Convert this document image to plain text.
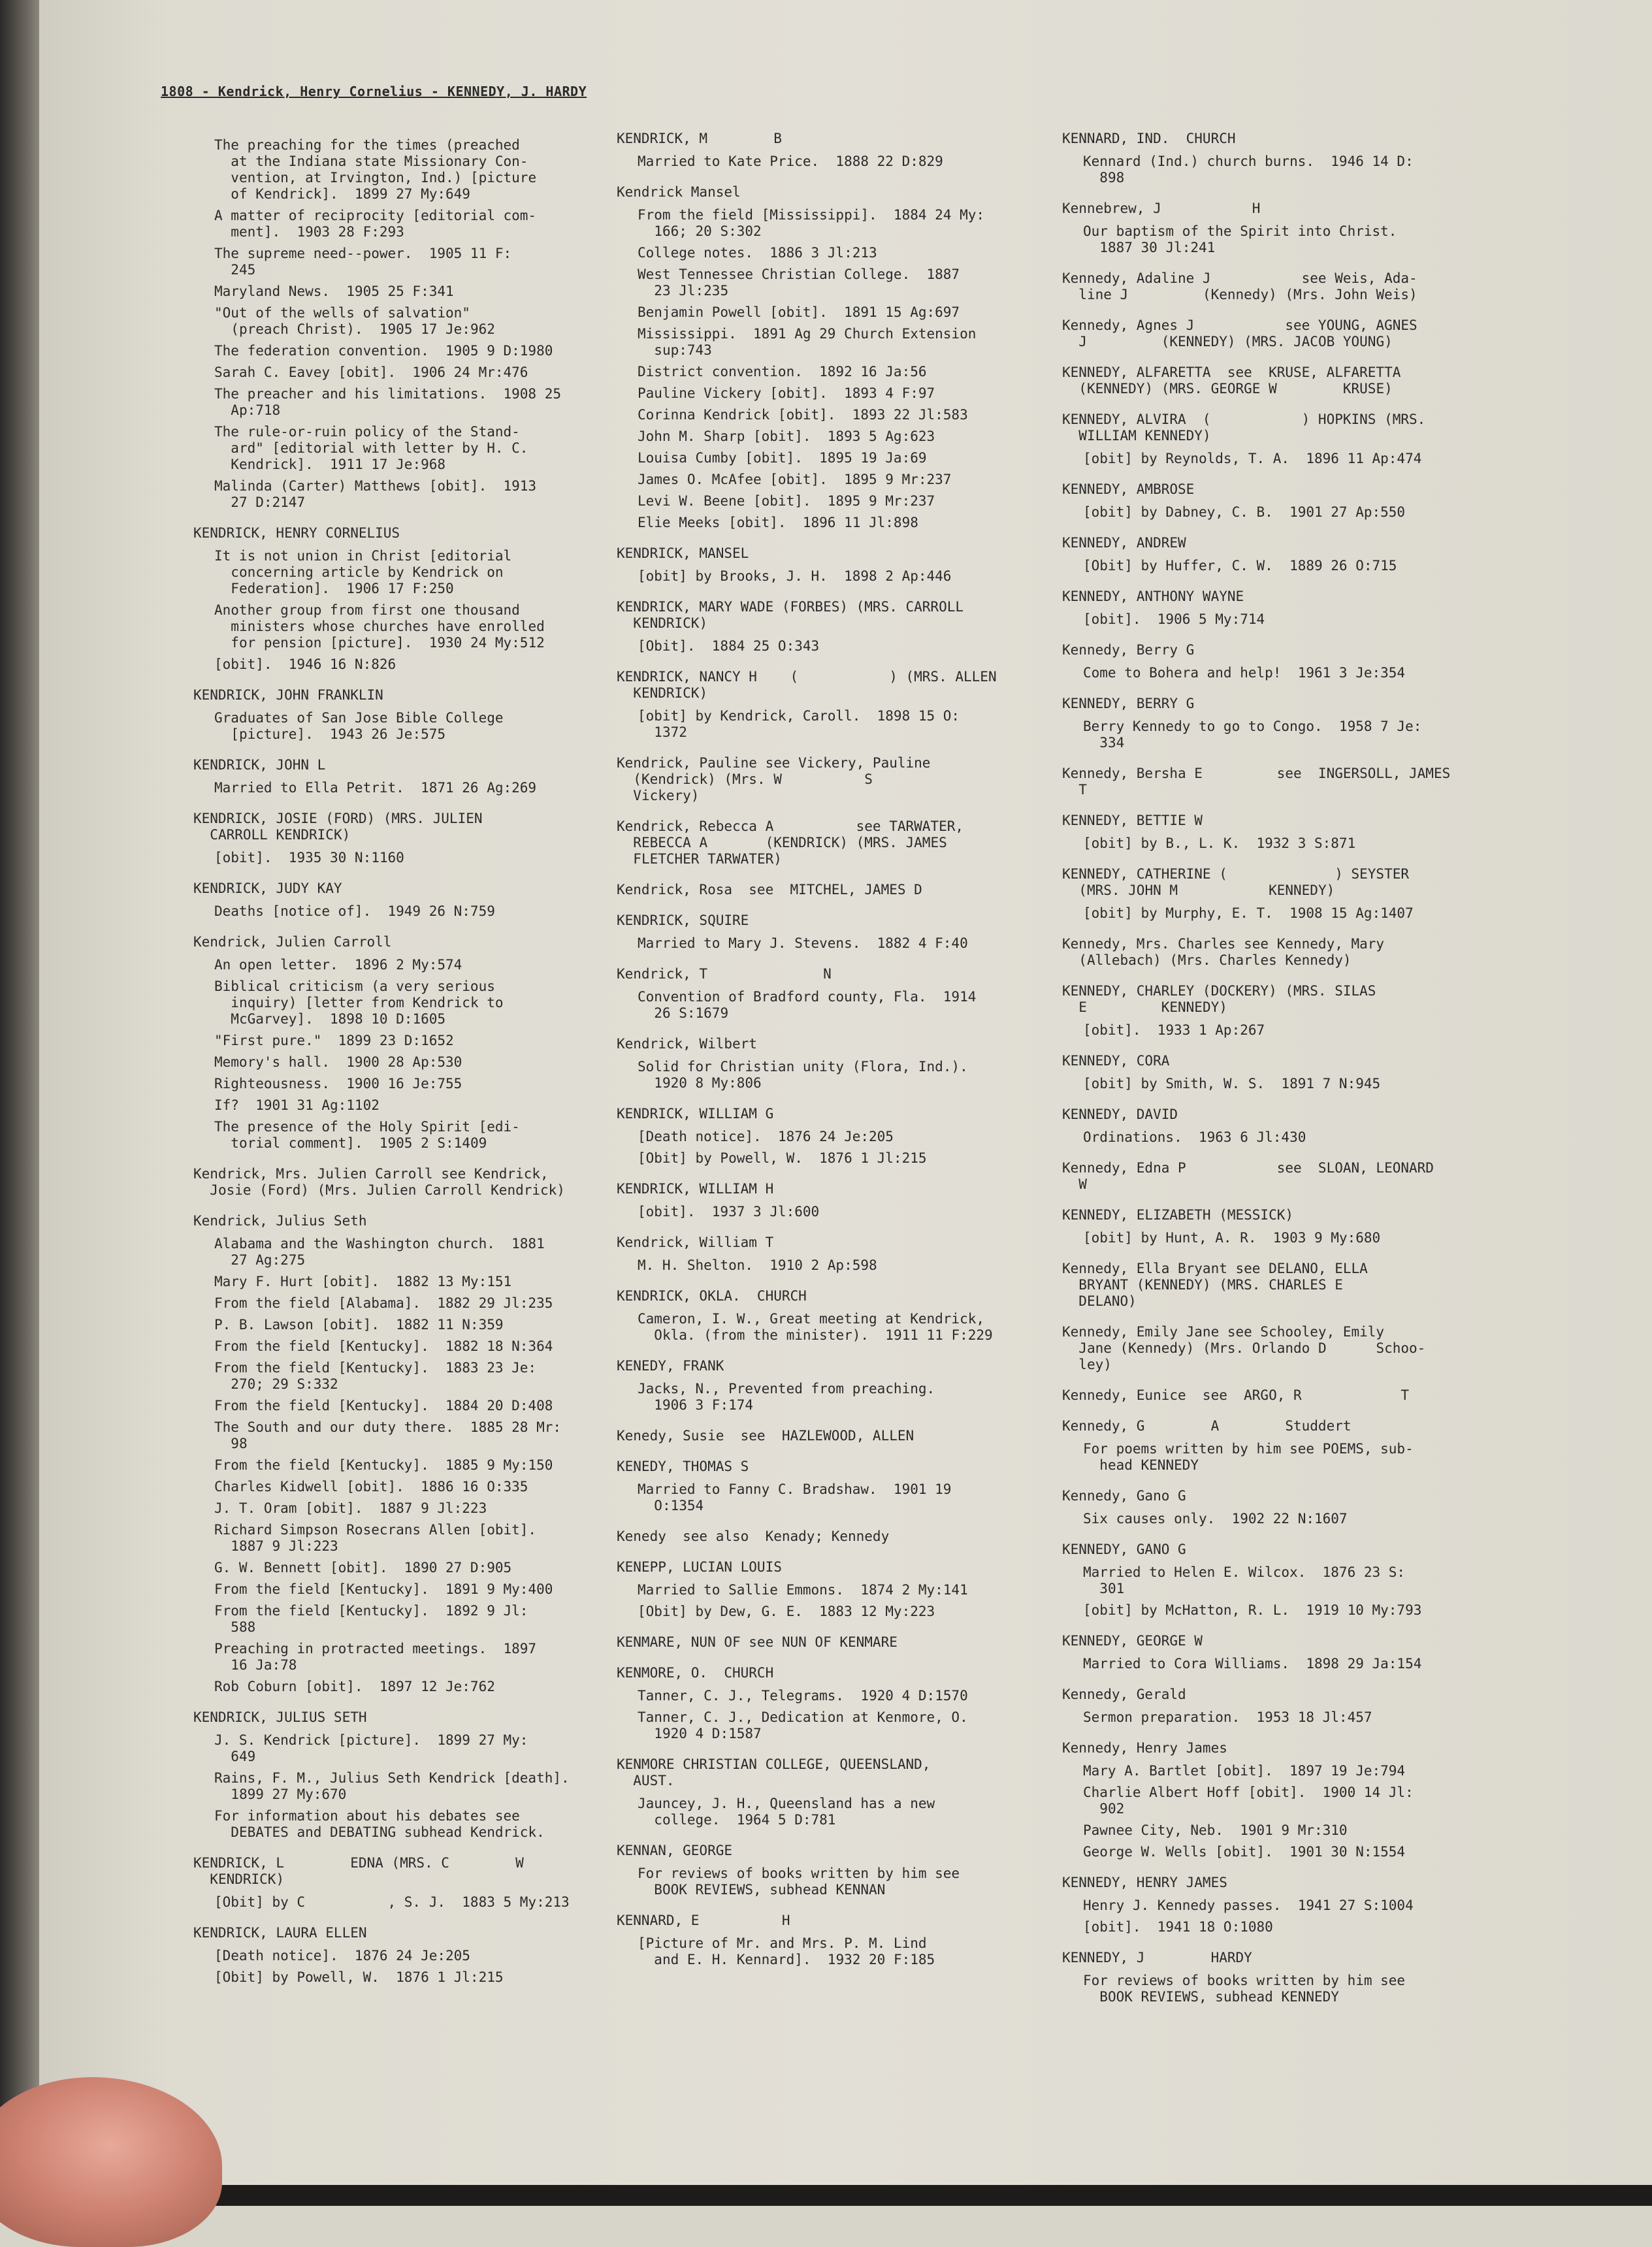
1808 - Kendrick, Henry Cornelius - KENNEDY, J. HARDY
The preaching for the times (preached
at the Indiana state Missionary Con-
vention, at Irvington, Ind.) [picture
of Kendrick].  1899 27 My:649
A matter of reciprocity [editorial com-
ment].  1903 28 F:293
The supreme need--power.  1905 11 F:
245
Maryland News.  1905 25 F:341
"Out of the wells of salvation"
(preach Christ).  1905 17 Je:962
The federation convention.  1905 9 D:1980
Sarah C. Eavey [obit].  1906 24 Mr:476
The preacher and his limitations.  1908 25
Ap:718
The rule-or-ruin policy of the Stand-
ard" [editorial with letter by H. C.
Kendrick].  1911 17 Je:968
Malinda (Carter) Matthews [obit].  1913
27 D:2147
KENDRICK, HENRY CORNELIUS
It is not union in Christ [editorial
concerning article by Kendrick on
Federation].  1906 17 F:250
Another group from first one thousand
ministers whose churches have enrolled
for pension [picture].  1930 24 My:512
[obit].  1946 16 N:826
KENDRICK, JOHN FRANKLIN
Graduates of San Jose Bible College
[picture].  1943 26 Je:575
KENDRICK, JOHN L
Married to Ella Petrit.  1871 26 Ag:269
KENDRICK, JOSIE (FORD) (MRS. JULIEN
CARROLL KENDRICK)
[obit].  1935 30 N:1160
KENDRICK, JUDY KAY
Deaths [notice of].  1949 26 N:759
Kendrick, Julien Carroll
An open letter.  1896 2 My:574
Biblical criticism (a very serious
inquiry) [letter from Kendrick to
McGarvey].  1898 10 D:1605
"First pure."  1899 23 D:1652
Memory's hall.  1900 28 Ap:530
Righteousness.  1900 16 Je:755
If?  1901 31 Ag:1102
The presence of the Holy Spirit [edi-
torial comment].  1905 2 S:1409
Kendrick, Mrs. Julien Carroll see Kendrick,
Josie (Ford) (Mrs. Julien Carroll Kendrick)
Kendrick, Julius Seth
Alabama and the Washington church.  1881
27 Ag:275
Mary F. Hurt [obit].  1882 13 My:151
From the field [Alabama].  1882 29 Jl:235
P. B. Lawson [obit].  1882 11 N:359
From the field [Kentucky].  1882 18 N:364
From the field [Kentucky].  1883 23 Je:
270; 29 S:332
From the field [Kentucky].  1884 20 D:408
The South and our duty there.  1885 28 Mr:
98
From the field [Kentucky].  1885 9 My:150
Charles Kidwell [obit].  1886 16 O:335
J. T. Oram [obit].  1887 9 Jl:223
Richard Simpson Rosecrans Allen [obit].
1887 9 Jl:223
G. W. Bennett [obit].  1890 27 D:905
From the field [Kentucky].  1891 9 My:400
From the field [Kentucky].  1892 9 Jl:
588
Preaching in protracted meetings.  1897
16 Ja:78
Rob Coburn [obit].  1897 12 Je:762
KENDRICK, JULIUS SETH
J. S. Kendrick [picture].  1899 27 My:
649
Rains, F. M., Julius Seth Kendrick [death].
1899 27 My:670
For information about his debates see
DEBATES and DEBATING subhead Kendrick.
KENDRICK, L        EDNA (MRS. C        W
KENDRICK)
[Obit] by C          , S. J.  1883 5 My:213
KENDRICK, LAURA ELLEN
[Death notice].  1876 24 Je:205
[Obit] by Powell, W.  1876 1 Jl:215
KENDRICK, M        B
Married to Kate Price.  1888 22 D:829
Kendrick Mansel
From the field [Mississippi].  1884 24 My:
166; 20 S:302
College notes.  1886 3 Jl:213
West Tennessee Christian College.  1887
23 Jl:235
Benjamin Powell [obit].  1891 15 Ag:697
Mississippi.  1891 Ag 29 Church Extension
sup:743
District convention.  1892 16 Ja:56
Pauline Vickery [obit].  1893 4 F:97
Corinna Kendrick [obit].  1893 22 Jl:583
John M. Sharp [obit].  1893 5 Ag:623
Louisa Cumby [obit].  1895 19 Ja:69
James O. McAfee [obit].  1895 9 Mr:237
Levi W. Beene [obit].  1895 9 Mr:237
Elie Meeks [obit].  1896 11 Jl:898
KENDRICK, MANSEL
[obit] by Brooks, J. H.  1898 2 Ap:446
KENDRICK, MARY WADE (FORBES) (MRS. CARROLL
KENDRICK)
[Obit].  1884 25 O:343
KENDRICK, NANCY H    (           ) (MRS. ALLEN
KENDRICK)
[obit] by Kendrick, Caroll.  1898 15 O:
1372
Kendrick, Pauline see Vickery, Pauline
(Kendrick) (Mrs. W          S
Vickery)
Kendrick, Rebecca A          see TARWATER,
REBECCA A       (KENDRICK) (MRS. JAMES
FLETCHER TARWATER)
Kendrick, Rosa  see  MITCHEL, JAMES D
KENDRICK, SQUIRE
Married to Mary J. Stevens.  1882 4 F:40
Kendrick, T              N
Convention of Bradford county, Fla.  1914
26 S:1679
Kendrick, Wilbert
Solid for Christian unity (Flora, Ind.).
1920 8 My:806
KENDRICK, WILLIAM G
[Death notice].  1876 24 Je:205
[Obit] by Powell, W.  1876 1 Jl:215
KENDRICK, WILLIAM H
[obit].  1937 3 Jl:600
Kendrick, William T
M. H. Shelton.  1910 2 Ap:598
KENDRICK, OKLA.  CHURCH
Cameron, I. W., Great meeting at Kendrick,
Okla. (from the minister).  1911 11 F:229
KENEDY, FRANK
Jacks, N., Prevented from preaching.
1906 3 F:174
Kenedy, Susie  see  HAZLEWOOD, ALLEN
KENEDY, THOMAS S
Married to Fanny C. Bradshaw.  1901 19
O:1354
Kenedy  see also  Kenady; Kennedy
KENEPP, LUCIAN LOUIS
Married to Sallie Emmons.  1874 2 My:141
[Obit] by Dew, G. E.  1883 12 My:223
KENMARE, NUN OF see NUN OF KENMARE
KENMORE, O.  CHURCH
Tanner, C. J., Telegrams.  1920 4 D:1570
Tanner, C. J., Dedication at Kenmore, O.
1920 4 D:1587
KENMORE CHRISTIAN COLLEGE, QUEENSLAND,
AUST.
Jauncey, J. H., Queensland has a new
college.  1964 5 D:781
KENNAN, GEORGE
For reviews of books written by him see
BOOK REVIEWS, subhead KENNAN
KENNARD, E          H
[Picture of Mr. and Mrs. P. M. Lind
and E. H. Kennard].  1932 20 F:185
KENNARD, IND.  CHURCH
Kennard (Ind.) church burns.  1946 14 D:
898
Kennebrew, J           H
Our baptism of the Spirit into Christ.
1887 30 Jl:241
Kennedy, Adaline J           see Weis, Ada-
line J         (Kennedy) (Mrs. John Weis)
Kennedy, Agnes J           see YOUNG, AGNES
J         (KENNEDY) (MRS. JACOB YOUNG)
KENNEDY, ALFARETTA  see  KRUSE, ALFARETTA
(KENNEDY) (MRS. GEORGE W        KRUSE)
KENNEDY, ALVIRA  (           ) HOPKINS (MRS.
WILLIAM KENNEDY)
[obit] by Reynolds, T. A.  1896 11 Ap:474
KENNEDY, AMBROSE
[obit] by Dabney, C. B.  1901 27 Ap:550
KENNEDY, ANDREW
[Obit] by Huffer, C. W.  1889 26 O:715
KENNEDY, ANTHONY WAYNE
[obit].  1906 5 My:714
Kennedy, Berry G
Come to Bohera and help!  1961 3 Je:354
KENNEDY, BERRY G
Berry Kennedy to go to Congo.  1958 7 Je:
334
Kennedy, Bersha E         see  INGERSOLL, JAMES
T
KENNEDY, BETTIE W
[obit] by B., L. K.  1932 3 S:871
KENNEDY, CATHERINE (             ) SEYSTER
(MRS. JOHN M           KENNEDY)
[obit] by Murphy, E. T.  1908 15 Ag:1407
Kennedy, Mrs. Charles see Kennedy, Mary
(Allebach) (Mrs. Charles Kennedy)
KENNEDY, CHARLEY (DOCKERY) (MRS. SILAS
E         KENNEDY)
[obit].  1933 1 Ap:267
KENNEDY, CORA
[obit] by Smith, W. S.  1891 7 N:945
KENNEDY, DAVID
Ordinations.  1963 6 Jl:430
Kennedy, Edna P           see  SLOAN, LEONARD
W
KENNEDY, ELIZABETH (MESSICK)
[obit] by Hunt, A. R.  1903 9 My:680
Kennedy, Ella Bryant see DELANO, ELLA
BRYANT (KENNEDY) (MRS. CHARLES E
DELANO)
Kennedy, Emily Jane see Schooley, Emily
Jane (Kennedy) (Mrs. Orlando D      Schoo-
ley)
Kennedy, Eunice  see  ARGO, R            T
Kennedy, G        A        Studdert
For poems written by him see POEMS, sub-
head KENNEDY
Kennedy, Gano G
Six causes only.  1902 22 N:1607
KENNEDY, GANO G
Married to Helen E. Wilcox.  1876 23 S:
301
[obit] by McHatton, R. L.  1919 10 My:793
KENNEDY, GEORGE W
Married to Cora Williams.  1898 29 Ja:154
Kennedy, Gerald
Sermon preparation.  1953 18 Jl:457
Kennedy, Henry James
Mary A. Bartlet [obit].  1897 19 Je:794
Charlie Albert Hoff [obit].  1900 14 Jl:
902
Pawnee City, Neb.  1901 9 Mr:310
George W. Wells [obit].  1901 30 N:1554
KENNEDY, HENRY JAMES
Henry J. Kennedy passes.  1941 27 S:1004
[obit].  1941 18 O:1080
KENNEDY, J        HARDY
For reviews of books written by him see
BOOK REVIEWS, subhead KENNEDY
